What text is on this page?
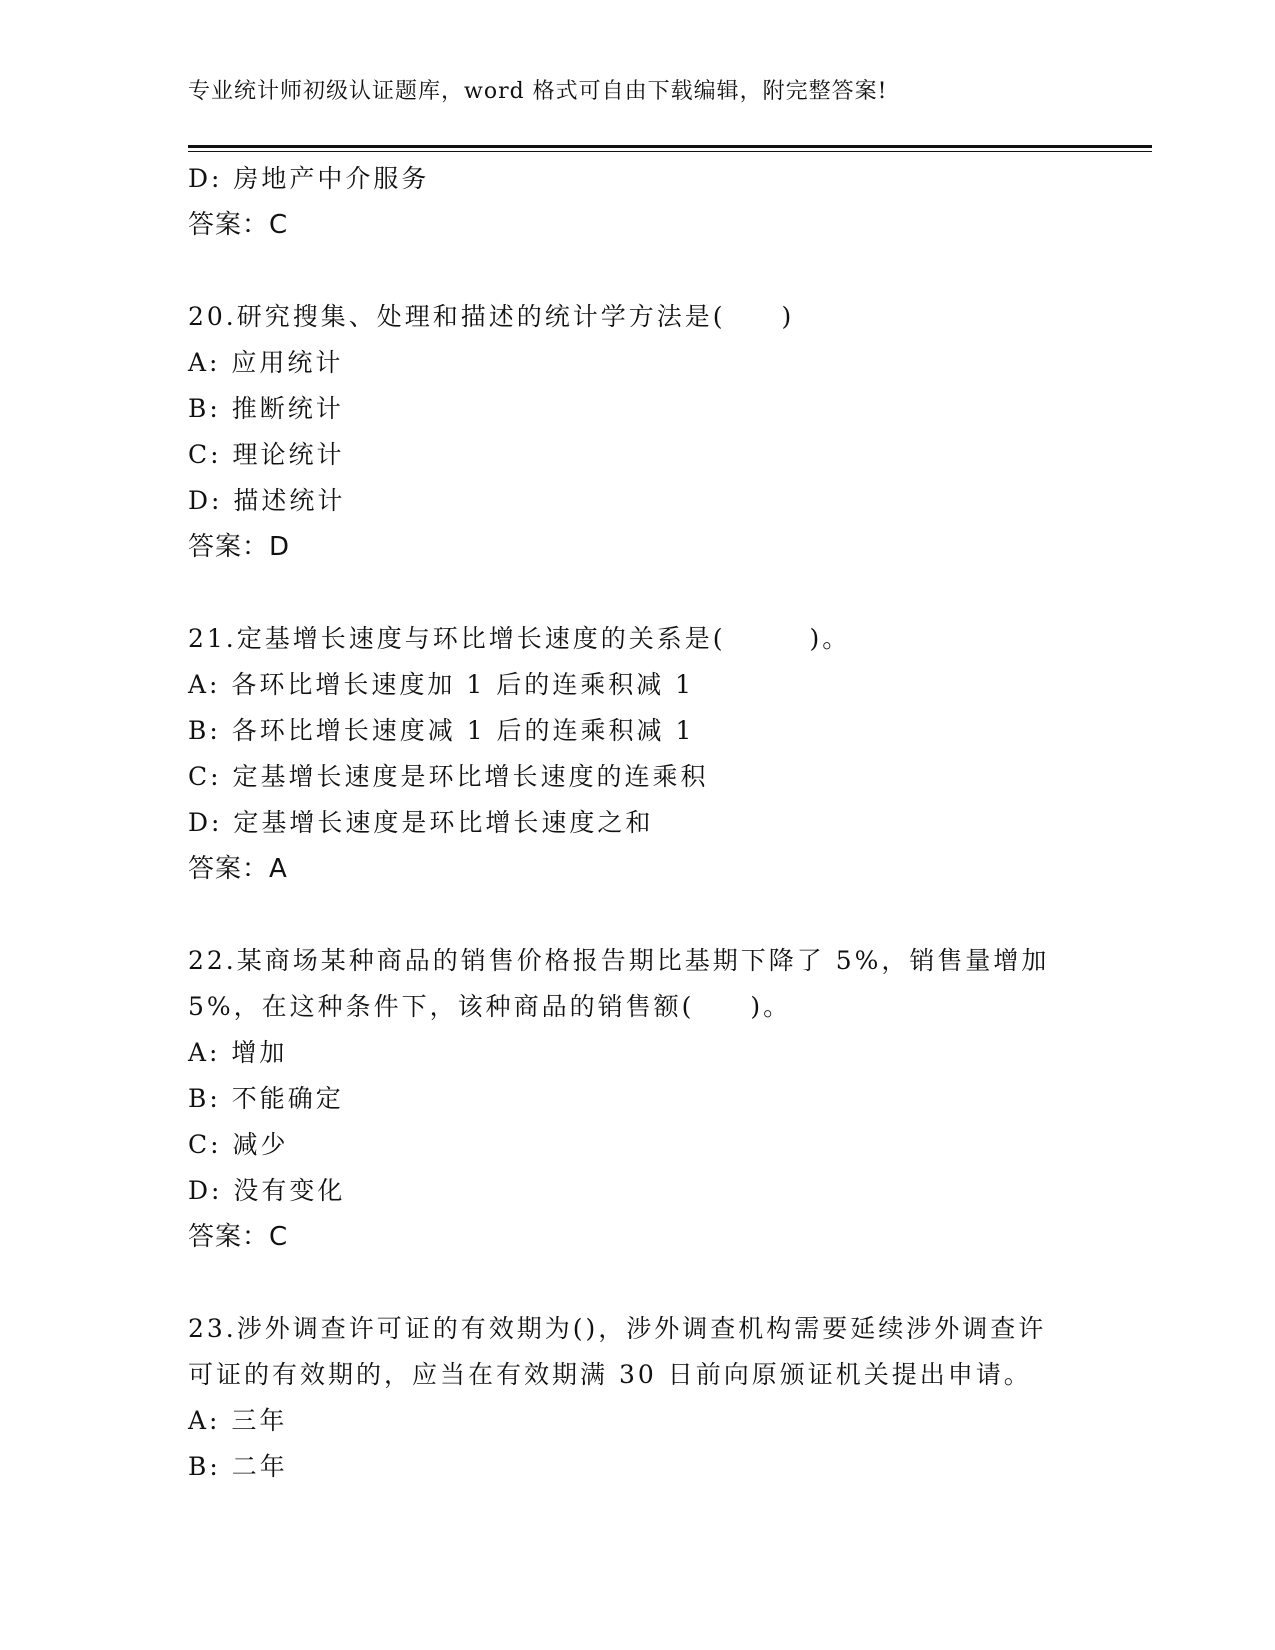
专业统计师初级认证题库，word 格式可自由下载编辑，附完整答案!
D: 房地产中介服务
答案：C
20.研究搜集、处理和描述的统计学方法是(　　)
A: 应用统计
B: 推断统计
C: 理论统计
D: 描述统计
答案：D
21.定基增长速度与环比增长速度的关系是(　　　)。
A: 各环比增长速度加 1 后的连乘积减 1
B: 各环比增长速度减 1 后的连乘积减 1
C: 定基增长速度是环比增长速度的连乘积
D: 定基增长速度是环比增长速度之和
答案：A
22.某商场某种商品的销售价格报告期比基期下降了 5%，销售量增加
5%，在这种条件下，该种商品的销售额(　　)。
A: 增加
B: 不能确定
C: 减少
D: 没有变化
答案：C
23.涉外调查许可证的有效期为()，涉外调查机构需要延续涉外调查许
可证的有效期的，应当在有效期满 30 日前向原颁证机关提出申请。
A: 三年
B: 二年
